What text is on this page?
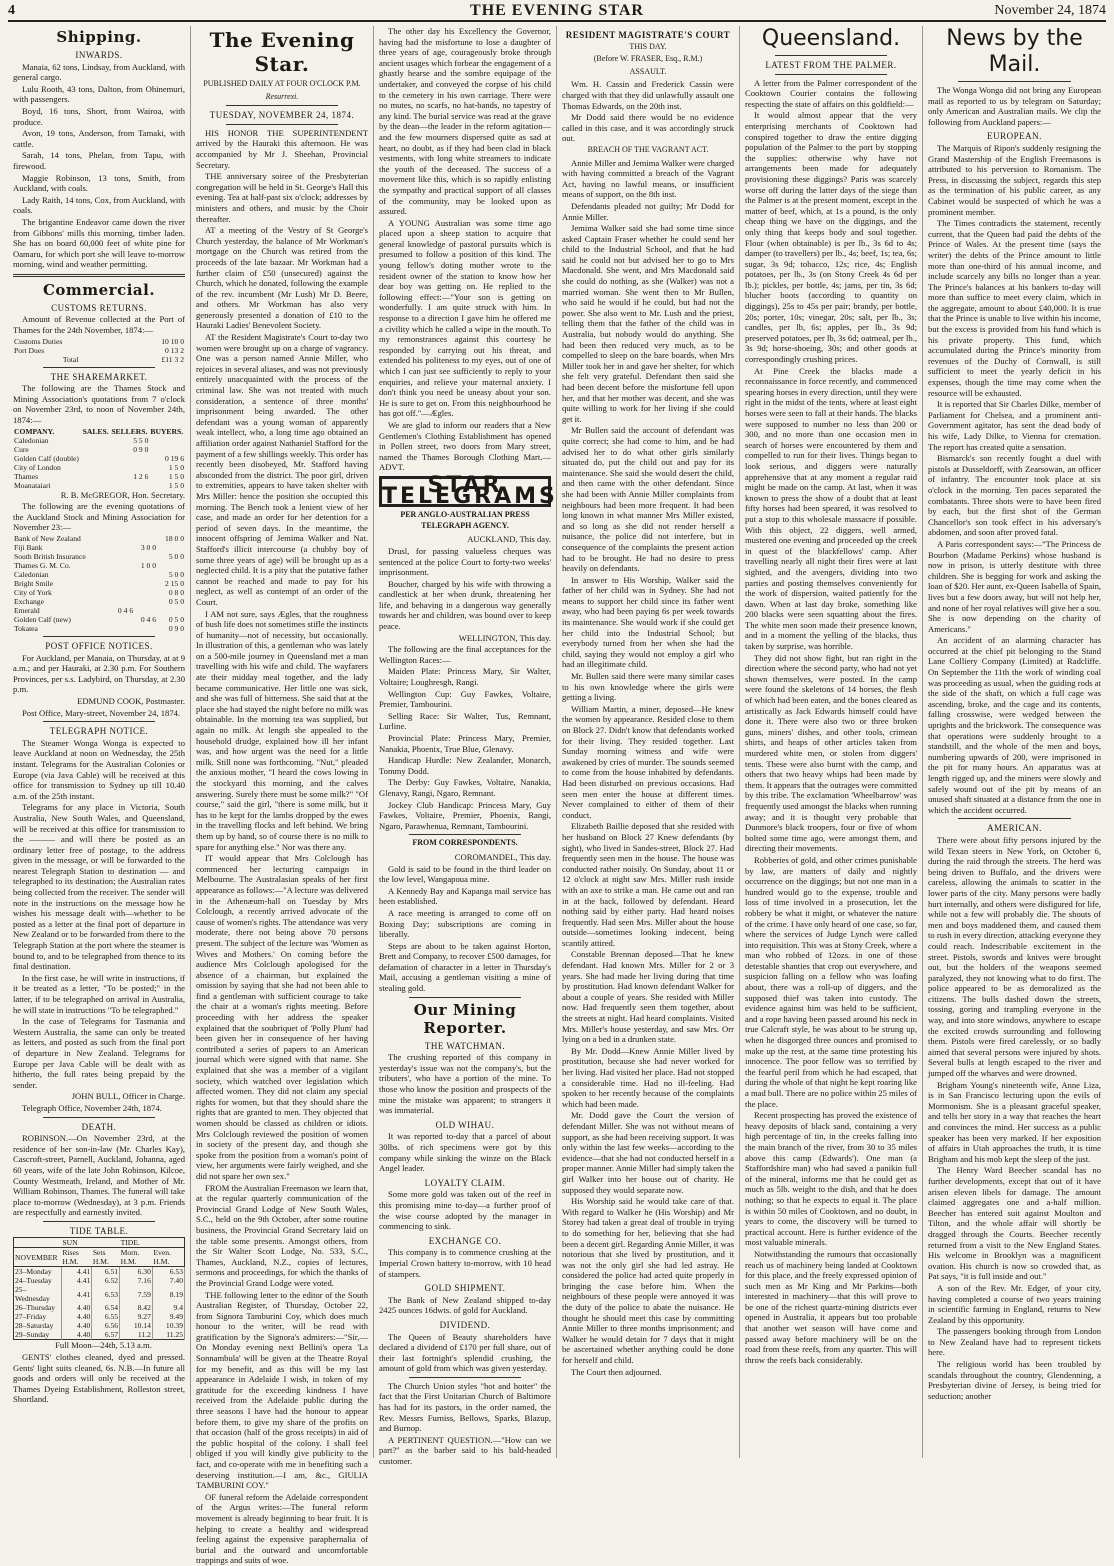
4	THE EVENING STAR	November 24, 1874
Shipping.
INWARDS.

Manaia, 62 tons, Lindsay, from Auckland, with general cargo.

Lulu Rooth, 43 tons, Dalton, from Ohinemuri, with passengers.

Boyd, 16 tons, Short, from Wairoa, with produce.

Avon, 19 tons, Anderson, from Tamaki, with cattle.

Sarah, 14 tons, Phelan, from Tapu, with firewood.

Maggie Robinson, 13 tons, Smith, from Auckland, with coals.

Lady Raith, 14 tons, Cox, from Auckland, with coals.

The brigantine Endeavor came down the river from Gibbons' mills this morning, timber laden. She has on board 60,000 feet of white pine for Oamaru, for which port she will leave to-morrow morning, wind and weather permitting.

Commercial.
CUSTOMS RETURNS.

Amount of Revenue collected at the Port of Thames for the 24th November, 1874:—

Customs Duties	10 10 0
Port Dues	0 13 2
Total	£11 3 2
THE SHAREMARKET.

The following are the Thames Stock and Mining Association's quotations from 7 o'clock on November 23rd, to noon of November 24th, 1874:—

COMPANY.	SALES.	SELLERS.	BUYERS.
Caledonian		5 5 0	
Cure		0 9 0	
Golden Calf (double)			0 19 6
City of London			1 5 0
Thames		1 2 6	1 5 0
Moanataiari			1 5 0

R. B. McGREGOR, Hon. Secretary.

The following are the evening quotations of the Auckland Stock and Mining Association for November 23:—

Bank of New Zealand			18 0 0
Fiji Bank		3 0 0	
South British Insurance			5 0 0
Thames G. M. Co.		1 0 0	
Caledonian			5 0 0
Bright Smile			2 15 0
City of York			0 8 0
Exchange			0 5 0
Emerald	0 4 6		
Golden Calf (new)		0 4 6	0 5 0
Tokatea			0 9 0
POST OFFICE NOTICES.

For Auckland, per Manaia, on Thursday, at at 9 a.m.; and per Hauraki, at 2.30 p.m. For Southern Provinces, per s.s. Ladybird, on Thursday, at 2.30 p.m.

EDMUND COOK, Postmaster.

Post Office, Mary-street, November 24, 1874.

TELEGRAPH NOTICE.

The Steamer Wonga Wonga is expected to leave Auckland at noon on Wednesday, the 25th instant. Telegrams for the Australian Colonies or Europe (via Java Cable) will be received at this office for transmission to Sydney up till 10.40 a.m. of the 25th instant.

Telegrams for any place in Victoria, South Australia, New South Wales, and Queensland, will be received at this office for transmission to the ——— and will there be posted as an ordinary letter free of postage, to the address given in the message, or will be forwarded to the nearest Telegraph Station to destination — and telegraphed to its destination; the Australian rates being collected from the receiver. The sender will note in the instructions on the message how he wishes his message dealt with—whether to be posted as a letter at the final port of departure in New Zealand or to be forwarded from there to the Telegraph Station at the port where the steamer is bound to, and to be telegraphed from thence to its final destination.

In the first case, he will write in instructions, if it be treated as a letter, "To be posted;" in the latter, if to be telegraphed on arrival in Australia, he will state in instructions "To be telegraphed."

In the case of Telegrams for Tasmania and Western Australia, the same can only be treated as letters, and posted as such from the final port of departure in New Zealand. Telegrams for Europe per Java Cable will be dealt with as hitherto, the full rates being prepaid by the sender.

JOHN BULL, Officer in Charge.

Telegraph Office, November 24th, 1874.

DEATH.

ROBINSON.—On November 23rd, at the residence of her son-in-law (Mr. Charles Kay), Cascroft-street, Parnell, Auckland, Johanna, aged 60 years, wife of the late John Robinson, Kilcoe, County Westmeath, Ireland, and Mother of Mr. William Robinson, Thames. The funeral will take place to-morrow (Wednesday), at 3 p.m. Friends are respectfully and earnestly invited.

TIDE TABLE.
	SUN		TIDE.	
NOVEMBER	Rises H.M.	Sets H.M.	Morn. H.M.	Even. H.M.
23–Monday	4.41	6.51	6.30	6.53
24–Tuesday	4.41	6.52	7.16	7.40
25–Wednesday	4.41	6.53	7.59	8.19
26–Thursday	4.40	6.54	8.42	9.4
27–Friday	4.40	6.55	9.27	9.49
28–Saturday	4.40	6.56	10.14	10.39
29–Sunday	4.40	6.57	11.2	11.25

Full Moon—24th, 5.13 a.m.

GENTS' clothes cleaned, dyed and pressed. Gents' light suits cleaned, 6s. N.B.—In future all goods and orders will only be received at the Thames Dyeing Establishment, Rolleston street, Shortland.

The Evening Star.
PUBLISHED DAILY AT FOUR O'CLOCK P.M.
Resurrexi.
TUESDAY, NOVEMBER 24, 1874.

HIS HONOR THE SUPERINTENDENT arrived by the Hauraki this afternoon. He was accompanied by Mr J. Sheehan, Provincial Secretary.

THE anniversary soiree of the Presbyterian congregation will be held in St. George's Hall this evening. Tea at half-past six o'clock; addresses by ministers and others, and music by the Choir thereafter.

AT a meeting of the Vestry of St George's Church yesterday, the balance of Mr Workman's mortgage on the Church was retired from the proceeds of the late bazaar. Mr Workman had a further claim of £50 (unsecured) against the Church, which he donated, following the example of the rev. incumbent (Mr Lush) Mr D. Beere, and others. Mr Workman has also very generously presented a donation of £10 to the Hauraki Ladies' Benevolent Society.

AT the Resident Magistrate's Court to-day two women were brought up on a charge of vagrancy. One was a person named Annie Miller, who rejoices in several aliases, and was not previously entirely unacquainted with the process of the criminal law. She was not treated with much consideration, a sentence of three months' imprisonment being awarded. The other defendant was a young woman of apparently weak intellect, who, a long time ago obtained an affiliation order against Nathaniel Stafford for the payment of a few shillings weekly. This order has recently been disobeyed, Mr. Stafford having absconded from the district. The poor girl, driven to extremities, appears to have taken shelter with Mrs Miller: hence the position she occupied this morning. The Bench took a lenient view of her case, and made an order for her detention for a period of seven days. In the meantime, the innocent offspring of Jemima Walker and Nat. Stafford's illicit intercourse (a chubby boy of some three years of age) will be brought up as a neglected child. It is a pity that the putative father cannot be reached and made to pay for his neglect, as well as contempt of an order of the Court.

I AM not sure, says Ægles, that the roughness of bush life does not sometimes stifle the instincts of humanity—not of necessity, but occasionally. In illustration of this, a gentleman who was lately on a 500-mile journey in Queensland met a man travelling with his wife and child. The wayfarers ate their midday meal together, and the lady became communicative. Her little one was sick, and she was full of bitterness. She said that at the place she had stayed the night before no milk was obtainable. In the morning tea was supplied, but again no milk. At length she appealed to the household drudge, explained how ill her infant was, and how urgent was the need for a little milk. Still none was forthcoming. "Nut," pleaded the anxious mother, "I heard the cows lowing in the stockyard this morning, and the calves answering. Surely there must be some milk?" "Of course," said the girl, "there is some milk, but it has to be kept for the lambs dropped by the ewes in the travelling flocks and left behind. We bring them up by hand, so of course there is no milk to spare for anything else." Nor was there any.

IT would appear that Mrs Colclough has commenced her lecturing campaign in Melbourne. The Australasian speaks of her first appearance as follows:—"A lecture was delivered in the Athenæum-hall on Tuesday by Mrs Colclough, a recently arrived advocate of the cause of women's rights. The attendance was very moderate, there not being above 70 persons present. The subject of the lecture was 'Women as Wives and Mothers.' On coming before the audience Mrs Colclough apologised for the absence of a chairman, but explained the omission by saying that she had not been able to find a gentleman with sufficient courage to take the chair at a woman's rights meeting. Before proceeding with her address the speaker explained that the soubriquet of 'Polly Plum' had been given her in consequence of her having contributed a series of papers to an American journal which were signed with that name. She explained that she was a member of a vigilant society, which watched over legislation which affected women. They did not claim any special rights for women, but that they should share the rights that are granted to men. They objected that women should be classed as children or idiots. Mrs Colclough reviewed the position of women in society of the present day, and though she spoke from the position from a woman's point of view, her arguments were fairly weighed, and she did not spare her own sex."

FROM the Australian Freemason we learn that, at the regular quarterly communication of the Provincial Grand Lodge of New South Wales, S.C., held on the 9th October, after some routine business, the Provincial Grand Secretary laid on the table some presents. Amongst others, from the Sir Walter Scott Lodge, No. 533, S.C., Thames, Auckland, N.Z., copies of lectures, sermons and proceedings, for which the thanks of the Provincial Grand Lodge were voted.

THE following letter to the editor of the South Australian Register, of Thursday, October 22, from Signora Tamburini Coy, which does much honour to the writer, will be read with gratification by the Signora's admirers:—"Sir,—On Monday evening next Bellini's opera 'La Sonnambula' will be given at the Theatre Royal for my benefit, and as this will be my last appearance in Adelaide I wish, in token of my gratitude for the exceeding kindness I have received from the Adelaide public during the three seasons I have had the honour to appear before them, to give my share of the profits on that occasion (half of the gross receipts) in aid of the public hospital of the colony. I shall feel obliged if you will kindly give publicity to the fact, and co-operate with me in benefiting such a deserving institution.—I am, &c., GIULIA TAMBURINI COY."

OF funeral reform the Adelaide correspondent of the Argus writes:—The funeral reform movement is already beginning to bear fruit. It is helping to create a healthy and widespread feeling against the expensive paraphernalia of burial and the outward and uncomfortable trappings and suits of woe.

The other day his Excellency the Governor, having had the misfortune to lose a daughter of three years of age, courageously broke through ancient usages which forbear the engagement of a ghastly hearse and the sombre equipage of the undertaker, and conveyed the corpse of his child to the cemetery in his own carriage. There were no mutes, no scarfs, no hat-bands, no tapestry of any kind. The burial service was read at the grave by the dean—the leader in the reform agitation—and the few mourners dispersed quite as sad at heart, no doubt, as if they had been clad in black vestments, with long white streamers to indicate the youth of the deceased. The success of a movement like this, which is so rapidly enlisting the sympathy and practical support of all classes of the community, may be looked upon as assured.

A YOUNG Australian was some time ago placed upon a sheep station to acquire that general knowledge of pastoral pursuits which is presumed to follow a position of this kind. The young fellow's doting mother wrote to the resident owner of the station to know how her dear boy was getting on. He replied to the following effect:—"Your son is getting on wonderfully. I am quite struck with him. In response to a direction I gave him he offered me a civility which he called a wipe in the mouth. To my remonstrances against this courtesy he responded by carrying out his threat, and extended his politeness to my eyes, out of one of which I can just see sufficiently to reply to your enquiries, and relieve your maternal anxiety. I don't think you need be uneasy about your son. He is sure to get on. From this neighbourhood he has got off."—Ægles.

We are glad to inform our readers that a New Gentlemen's Clothing Establishment has opened in Pollen street, two doors from Mary street, named the Thames Borough Clothing Mart.—ADVT.

STAR TELEGRAMS
PER ANGLO-AUSTRALIAN PRESS TELEGRAPH AGENCY.

AUCKLAND, This day.

Drusl, for passing valueless cheques was sentenced at the police Court to forty-two weeks' imprisonment.

Boucher, charged by his wife with throwing a candlestick at her when drunk, threatening her life, and behaving in a dangerous way generally towards her and children, was bound over to keep peace.

WELLINGTON, This day.

The following are the final acceptances for the Wellington Races:—

Maiden Plate: Princess Mary, Sir Walter, Voltaire; Loughresgh, Rangi.

Wellington Cup: Guy Fawkes, Voltaire, Premier, Tambourini.

Selling Race: Sir Walter, Tus, Remnant, Lurline.

Provincial Plate: Princess Mary, Premier, Nanakia, Phoenix, True Blue, Glenavy.

Handicap Hurdle: New Zealander, Monarch, Tommy Dodd.

The Derby: Guy Fawkes, Voltaire, Nanakia, Glenavy, Rangi, Ngaro, Remnant.

Jockey Club Handicap: Princess Mary, Guy Fawkes, Voltaire, Premier, Phoenix, Rangi, Ngaro, Parawhenua, Remnant, Tambourini.

FROM CORRESPONDENTS.

COROMANDEL, This day.

Gold is said to be found in the third leader on the low level, Wangapoua mine.

A Kennedy Bay and Kapanga mail service has been established.

A race meeting is arranged to come off on Boxing Day; subscriptions are coming in liberally.

Steps are about to be taken against Horton, Brett and Company, to recover £500 damages, for defamation of character in a letter in Thursday's Mail, accusing a gentleman visiting a mine of stealing gold.

Our Mining Reporter.
THE WATCHMAN.

The crushing reported of this company in yesterday's issue was not the company's, but the tributers', who have a portion of the mine. To those who know the position and prospects of the mine the mistake was apparent; to strangers it was immaterial.

OLD WIHAU.

It was reported to-day that a parcel of about 30lbs. of rich specimens were got by this company while sinking the winze on the Black Angel leader.

LOYALTY CLAIM.

Some more gold was taken out of the reef in this promising mine to-day—a further proof of the wise course adopted by the manager in commencing to sink.

EXCHANGE CO.

This company is to commence crushing at the Imperial Crown battery to-morrow, with 10 head of stampers.

GOLD SHIPMENT.

The Bank of New Zealand shipped to-day 2425 ounces 16dwts. of gold for Auckland.

DIVIDEND.

The Queen of Beauty shareholders have declared a dividend of £170 per full share, out of their last fortnight's splendid crushing, the amount of gold from which was given yesterday.

The Church Union styles "hot and hotter" the fact that the First Unitarian Church of Baltimore has had for its pastors, in the order named, the Rev. Messrs Furniss, Bellows, Sparks, Blazup, and Burnop.

A PERTINENT QUESTION.—"How can we part?" as the barber said to his bald-headed customer.

RESIDENT MAGISTRATE'S COURT
THIS DAY.
(Before W. FRASER, Esq., R.M.)
ASSAULT.

Wm. H. Cassin and Frederick Cassin were charged with that they did unlawfully assault one Thomas Edwards, on the 20th inst.

Mr Dodd said there would be no evidence called in this case, and it was accordingly struck out.

BREACH OF THE VAGRANT ACT.

Annie Miller and Jemima Walker were charged with having committed a breach of the Vagrant Act, having no lawful means, or insufficient means of support, on the 8th inst.

Defendants pleaded not guilty; Mr Dodd for Annie Miller.

Jemima Walker said she had some time since asked Captain Fraser whether he could send her child to the Industrial School, and that he had said he could not but advised her to go to Mrs Macdonald. She went, and Mrs Macdonald said she could do nothing, as she (Walker) was not a married woman. She went then to Mr Bullen, who said he would if he could, but had not the power. She also went to Mr. Lush and the priest, telling them that the father of the child was in Australia, but nobody would do anything. She had been then reduced very much, as to be compelled to sleep on the bare boards, when Mrs Miller took her in and gave her shelter, for which she felt very grateful. Defendant then said she had been decent before the misfortune fell upon her, and that her mother was decent, and she was quite willing to work for her living if she could get it.

Mr Bullen said the account of defendant was quite correct; she had come to him, and he had advised her to do what other girls similarly situated do, put the child out and pay for its maintenance. She said she would desert the child, and then came with the other defendant. Since she had been with Annie Miller complaints from neighbours had been more frequent. It had been long known in what manner Mrs Miller existed, and so long as she did not render herself a nuisance, the police did not interfere, but in consequence of the complaints the present action had to be brought. He had no desire to press heavily on defendants.

In answer to His Worship, Walker said the father of her child was in Sydney. She had not means to support her child since its father went away, who had been paying 6s per week towards its maintenance. She would work if she could get her child into the Industrial School; but everybody turned from her when she had the child, saying they would not employ a girl who had an illegitimate child.

Mr. Bullen said there were many similar cases to his own knowledge where the girls were getting a living.

William Martin, a miner, deposed—He knew the women by appearance. Resided close to them on Block 27. Didn't know that defendants worked for their living. They resided together. Last Sunday morning witness and wife were awakened by cries of murder. The sounds seemed to come from the house inhabited by defendants. Had been disturbed on previous occasions. Had seen men enter the house at different times. Never complained to either of them of their conduct.

Elizabeth Baillie deposed that she resided with her husband on Block 27 Knew defendants (by sight), who lived in Sandes-street, Block 27. Had frequently seen men in the house. The house was conducted rather noisily. On Sunday, about 11 or 12 o'clock at night saw Mrs. Miller rush inside with an axe to strike a man. He came out and ran in at the back, followed by defendant. Heard nothing said by either party. Had heard noises frequently. Had seen Mrs. Miller about the house outside—sometimes looking indecent, being scantily attired.

Constable Brennan deposed—That he knew defendant. Had known Mrs. Miller for 2 or 3 years. She had made her living during that time by prostitution. Had known defendant Walker for about a couple of years. She resided with Miller now. Had frequently seen them together, about the streets at night. Had heard complaints. Visited Mrs. Miller's house yesterday, and saw Mrs. Orr lying on a bed in a drunken state.

By Mr. Dodd—Knew Annie Miller lived by prostitution, because she had never worked for her living. Had visited her place. Had not stopped a considerable time. Had no ill-feeling. Had spoken to her recently because of the complaints which had been made.

Mr. Dodd gave the Court the version of defendant Miller. She was not without means of support, as she had been receiving support. It was only within the last few weeks—according to the evidence—that she had not conducted herself in a proper manner. Annie Miller had simply taken the girl Walker into her house out of charity. He supposed they would separate now.

His Worship said he would take care of that. With regard to Walker he (His Worship) and Mr Storey had taken a great deal of trouble in trying to do something for her, believing that she had been a decent girl. Regarding Annie Miller, it was notorious that she lived by prostitution, and it was not the only girl she had led astray. He considered the police had acted quite properly in bringing the case before him. When the neighbours of these people were annoyed it was the duty of the police to abate the nuisance. He thought he should meet this case by committing Annie Miller to three months imprisonment; and Walker he would detain for 7 days that it might be ascertained whether anything could be done for herself and child.

The Court then adjourned.

Queensland.
LATEST FROM THE PALMER.

A letter from the Palmer correspondent of the Cooktown Courier contains the following respecting the state of affairs on this goldfield:—

It would almost appear that the very enterprising merchants of Cooktown had conspired together to draw the entire digging population of the Palmer to the port by stopping the supplies: otherwise why have not arrangements been made for adequately provisioning these diggings? Paris was scarcely worse off during the latter days of the siege than the Palmer is at the present moment, except in the matter of beef, which, at 1s a pound, is the only cheap thing we have on the diggings, and the only thing that keeps body and soul together. Flour (when obtainable) is per lb., 3s 6d to 4s; damper (to travellers) per lb., 4s; beef, 1s; tea, 6s; sugar, 3s 9d; tobacco, 12s; rice, 4s; English potatoes, per lb., 3s (on Stony Creek 4s 6d per lb.); pickles, per bottle, 4s; jams, per tin, 3s 6d; blucher boots (according to quantity on diggings), 25s to 45s per pair; brandy, per bottle, 20s; porter, 10s; vinegar, 20s; salt, per lb., 3s; candles, per lb, 6s; apples, per lb., 3s 9d; preserved potatoes, per lb, 3s 6d; oatmeal, per lb., 3s 9d; horse-shoeing, 30s; and other goods at correspondingly crushing prices.

At Pine Creek the blacks made a reconnaissance in force recently, and commenced spearing horses in every direction, until they were right in the midst of the tents, where at least eight horses were seen to fall at their hands. The blacks were supposed to number no less than 200 or 300, and no more than one occasion men in search of horses were encountered by them and compelled to run for their lives. Things began to look serious, and diggers were naturally apprehensive that at any moment a regular raid might be made on the camp. At last, when it was known to press the show of a doubt that at least fifty horses had been speared, it was resolved to put a stop to this wholesale massacre if possible. With this object, 22 diggers, well armed, mustered one evening and proceeded up the creek in quest of the blackfellows' camp. After travelling nearly all night their fires were at last sighted, and the avengers, dividing into two parties and posting themselves conveniently for the work of dispersion, waited patiently for the dawn. When at last day broke, something like 200 blacks were seen squatting about the fires. The white men soon made their presence known, and in a moment the yelling of the blacks, thus taken by surprise, was horrible.

They did not show fight, but ran right in the direction where the second party, who had not yet shown themselves, were posted. In the camp were found the skeletons of 14 horses, the flesh of which had been eaten, and the bones cleared as artistically as Jack Edwards himself could have done it. There were also two or three broken guns, miners' dishes, and other tools, crimean shirts, and heaps of other articles taken from murdered white men, or stolen from diggers' tents. These were also burnt with the camp, and others that two heavy whips had been made by them. It appears that the outrages were committed by this tribe. The exclamation 'Wheelbarrow' was frequently used amongst the blacks when running away; and it is thought very probable that Dunmore's black troopers, four or five of whom bolted some time ago, were amongst them, and directing their movements.

Robberies of gold, and other crimes punishable by law, are matters of daily and nightly occurrence on the diggings; but not one man in a hundred would go to the expense, trouble and loss of time involved in a prosecution, let the robbery be what it might, or whatever the nature of the crime. I have only heard of one case, so far, where the services of Judge Lynch were called into requisition. This was at Stony Creek, where a man who robbed of 12ozs. in one of those detestable shanties that crop out everywhere, and suspicion falling on a fellow who was loafing about, there was a roll-up of diggers, and the supposed thief was taken into custody. The evidence against him was held to be sufficient, and a rope having been passed around his neck in true Calcraft style, he was about to be strung up, when he disgorged three ounces and promised to make up the rest, at the same time protesting his innocence. The poor fellow was so terrified by the fearful peril from which he had escaped, that during the whole of that night he kept roaring like a mad bull. There are no police within 25 miles of the place.

Recent prospecting has proved the existence of heavy deposits of black sand, containing a very high percentage of tin, in the creeks falling into the main branch of the river, from 30 to 35 miles above this camp (Edwards'). One man (a Staffordshire man) who had saved a panikin full of the mineral, informs me that he could get as much as 5lb. weight to the dish, and that he does nothing; so that he expects to equal it. The place is within 50 miles of Cooktown, and no doubt, in years to come, the discovery will be turned to practical account. Here is further evidence of the most valuable minerals.

Notwithstanding the rumours that occasionally reach us of machinery being landed at Cooktown for this place, and the freely expressed opinion of such men as Mr King and Mr Parkins—both interested in machinery—that this will prove to be one of the richest quartz-mining districts ever opened in Australia, it appears but too probable that another wet season will have come and passed away before machinery will be on the road from these reefs, from any quarter. This will throw the reefs back considerably.

News by the Mail.

The Wonga Wonga did not bring any European mail as reported to us by telegram on Saturday; only American and Australian mails. We clip the following from Auckland papers:—

EUROPEAN.

The Marquis of Ripon's suddenly resigning the Grand Mastership of the English Freemasons is attributed to his perversion to Romanism. The Press, in discussing the subject, regards this step as the termination of his public career, as any Cabinet would be suspected of which he was a prominent member.

The Times contradicts the statement, recently current, that the Queen had paid the debts of the Prince of Wales. At the present time (says the writer) the debts of the Prince amount to little more than one-third of his annual income, and include scarcely any bills no longer than a year. The Prince's balances at his bankers to-day will more than suffice to meet every claim, which in the aggregate, amount to about £40,000. It is true that the Prince is unable to live within his income, but the excess is provided from his fund which is his private property. This fund, which accumulated during the Prince's minority from revenues of the Duchy of Cornwall, is still sufficient to meet the yearly deficit in his expenses, though the time may come when the resource will be exhausted.

It is reported that Sir Charles Dilke, member of Parliament for Chelsea, and a prominent anti-Government agitator, has sent the dead body of his wife, Lady Dilke, to Vienna for cremation. The report has created quite a sensation.

Bismarck's son recently fought a duel with pistols at Dusseldorff, with Zearsowan, an officer of infantry. The encounter took place at six o'clock in the morning. Ten paces separated the combatants. Three shots were to have been fired by each, but the first shot of the German Chancellor's son took effect in his adversary's abdomen, and soon after proved fatal.

A Paris correspondent says:—"The Princess de Bourbon (Madame Perkins) whose husband is now in prison, is utterly destitute with three children. She is begging for work and asking the loan of $20. Her aunt, ex-Queen Isabella of Spain, lives but a few doors away, but will not help her, and none of her royal relatives will give her a sou. She is now depending on the charity of Americans."

An accident of an alarming character has occurred at the chief pit belonging to the Stand Lane Colliery Company (Limited) at Radcliffe. On September the 11th the work of winding coal was proceeding as usual, when the guiding rods at the side of the shaft, on which a full cage was ascending, broke, and the cage and its contents, falling crosswise, were wedged between the uprights and the brickwork. The consequence was that operations were suddenly brought to a standstill, and the whole of the men and boys, numbering upwards of 200, were imprisoned in the pit for many hours. An apparatus was at length rigged up, and the miners were slowly and safely wound out of the pit by means of an unused shaft situated at a distance from the one in which the accident occurred.

AMERICAN.

There were about fifty persons injured by the wild Texan steers in New York, on October 6, during the raid through the streets. The herd was being driven to Buffalo, and the drivers were careless, allowing the animals to scatter in the lower parts of the city. Many persons were badly hurt internally, and others were disfigured for life, while not a few will probably die. The shouts of men and boys maddened them, and caused them to rush in every direction, attacking everyone they could reach. Indescribable excitement in the street. Pistols, swords and knives were brought out, but the holders of the weapons seemed paralyzed, they not knowing what to do first. The police appeared to be as demoralized as the citizens. The bulls dashed down the streets, tossing, goring and trampling everyone in the way, and into store windows, anywhere to escape the excited crowds surrounding and following them. Pistols were fired carelessly, or so badly aimed that several persons were injured by shots. Several bulls at length escaped to the river and jumped off the wharves and were drowned.

Brigham Young's nineteenth wife, Anne Liza, is in San Francisco lecturing upon the evils of Mormonism. She is a pleasant graceful speaker, and tells her story in a way that reaches the heart and convinces the mind. Her success as a public speaker has been very marked. If her exposition of affairs in Utah approaches the truth, it is time Brigham and his mob kept the sleep of the just.

The Henry Ward Beecher scandal has no further developments, except that out of it have arisen eleven libels for damage. The amount claimed aggregates one and a-half million. Beecher has entered suit against Moulton and Tilton, and the whole affair will shortly be dragged through the Courts. Beecher recently returned from a visit to the New England States. His welcome in Brooklyn was a magnificent ovation. His church is now so crowded that, as Pat says, "it is full inside and out."

A son of the Rev. Mr. Edger, of your city, having completed a course of two years training in scientific farming in England, returns to New Zealand by this opportunity.

The passengers booking through from London to New Zealand have had to represent tickets here.

The religious world has been troubled by scandals throughout the country, Glendenning, a Presbyterian divine of Jersey, is being tried for seduction; another
